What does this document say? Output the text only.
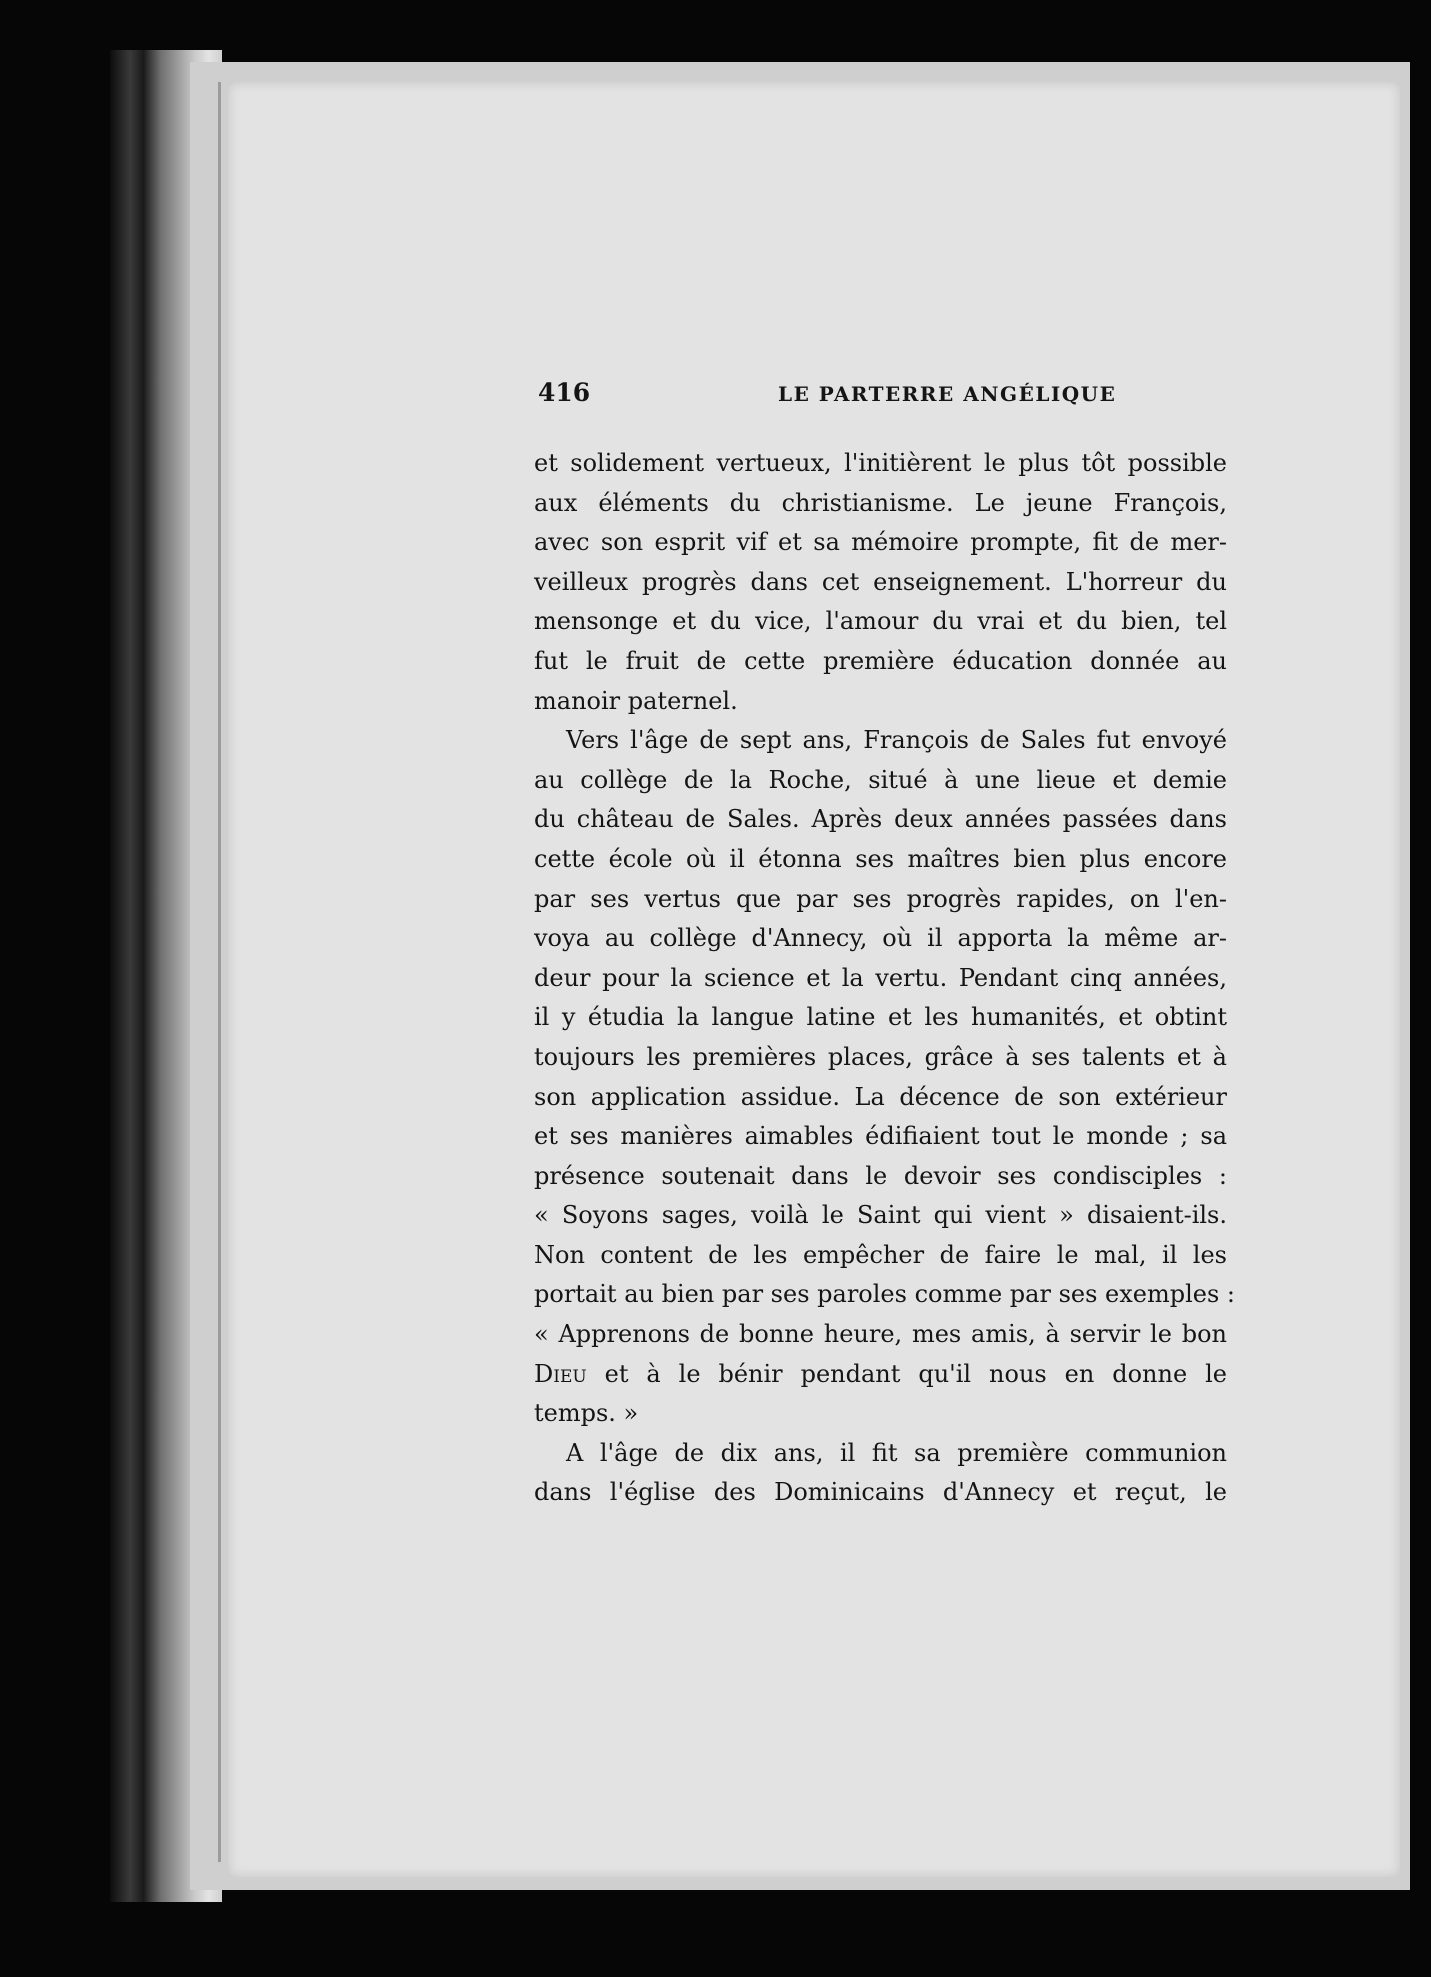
416	LE PARTERRE ANGÉLIQUE
et solidement vertueux, l'initièrent le plus tôt possible
aux éléments du christianisme. Le jeune François,
avec son esprit vif et sa mémoire prompte, fit de mer-
veilleux progrès dans cet enseignement. L'horreur du
mensonge et du vice, l'amour du vrai et du bien, tel
fut le fruit de cette première éducation donnée au
manoir paternel.
Vers l'âge de sept ans, François de Sales fut envoyé
au collège de la Roche, situé à une lieue et demie
du château de Sales. Après deux années passées dans
cette école où il étonna ses maîtres bien plus encore
par ses vertus que par ses progrès rapides, on l'en-
voya au collège d'Annecy, où il apporta la même ar-
deur pour la science et la vertu. Pendant cinq années,
il y étudia la langue latine et les humanités, et obtint
toujours les premières places, grâce à ses talents et à
son application assidue. La décence de son extérieur
et ses manières aimables édifiaient tout le monde ; sa
présence soutenait dans le devoir ses condisciples :
« Soyons sages, voilà le Saint qui vient » disaient-ils.
Non content de les empêcher de faire le mal, il les
portait au bien par ses paroles comme par ses exemples :
« Apprenons de bonne heure, mes amis, à servir le bon
Dieu et à le bénir pendant qu'il nous en donne le
temps. »
A l'âge de dix ans, il fit sa première communion
dans l'église des Dominicains d'Annecy et reçut, le
